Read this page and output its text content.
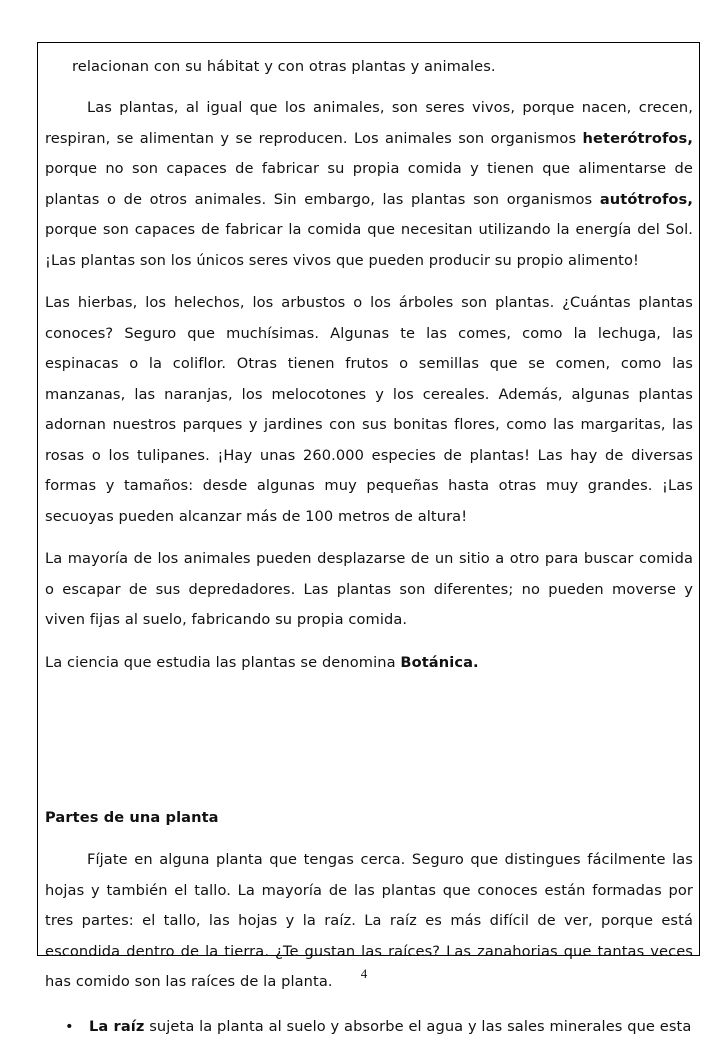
relacionan con su hábitat y con otras plantas y animales.

Las plantas, al igual que los animales, son seres vivos, porque nacen, crecen, respiran, se alimentan y se reproducen. Los animales son organismos heterótrofos, porque no son capaces de fabricar su propia comida y tienen que alimentarse de plantas o de otros animales. Sin embargo, las plantas son organismos autótrofos, porque son capaces de fabricar la comida que necesitan utilizando la energía del Sol. ¡Las plantas son los únicos seres vivos que pueden producir su propio alimento!

Las hierbas, los helechos, los arbustos o los árboles son plantas. ¿Cuántas plantas conoces? Seguro que muchísimas. Algunas te las comes, como la lechuga, las espinacas o la coliflor. Otras tienen frutos o semillas que se comen, como las manzanas, las naranjas, los melocotones y los cereales. Además, algunas plantas adornan nuestros parques y jardines con sus bonitas flores, como las margaritas, las rosas o los tulipanes. ¡Hay unas 260.000 especies de plantas! Las hay de diversas formas y tamaños: desde algunas muy pequeñas hasta otras muy grandes. ¡Las secuoyas pueden alcanzar más de 100 metros de altura!

La mayoría de los animales pueden desplazarse de un sitio a otro para buscar comida o escapar de sus depredadores. Las plantas son diferentes; no pueden moverse y viven fijas al suelo, fabricando su propia comida.

La ciencia que estudia las plantas se denomina Botánica.

Partes de una planta

Fíjate en alguna planta que tengas cerca. Seguro que distingues fácilmente las hojas y también el tallo. La mayoría de las plantas que conoces están formadas por tres partes: el tallo, las hojas y la raíz. La raíz es más difícil de ver, porque está escondida dentro de la tierra. ¿Te gustan las raíces? Las zanahorias que tantas veces has comido son las raíces de la planta.

•	La raíz sujeta la planta al suelo y absorbe el agua y las sales minerales que esta
4
